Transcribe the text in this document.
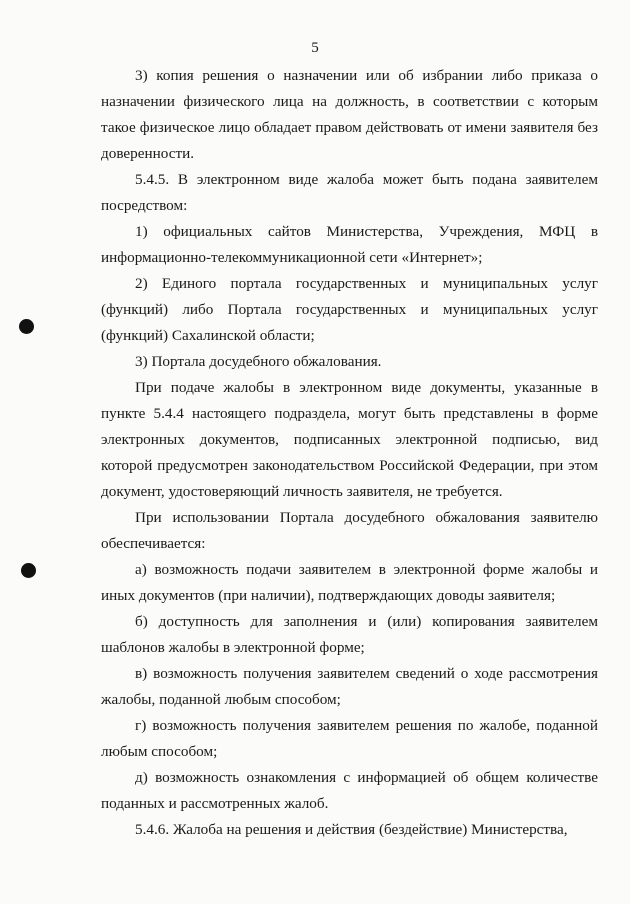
5

3) копия решения о назначении или об избрании либо приказа о назначении физического лица на должность, в соответствии с которым такое физическое лицо обладает правом действовать от имени заявителя без доверенности.

5.4.5. В электронном виде жалоба может быть подана заявителем посредством:

1) официальных сайтов Министерства, Учреждения, МФЦ в информационно-телекоммуникационной сети «Интернет»;

2) Единого портала государственных и муниципальных услуг (функций) либо Портала государственных и муниципальных услуг (функций) Сахалинской области;

3) Портала досудебного обжалования.

При подаче жалобы в электронном виде документы, указанные в пункте 5.4.4 настоящего подраздела, могут быть представлены в форме электронных документов, подписанных электронной подписью, вид которой предусмотрен законодательством Российской Федерации, при этом документ, удостоверяющий личность заявителя, не требуется.

При использовании Портала досудебного обжалования заявителю обеспечивается:

а) возможность подачи заявителем в электронной форме жалобы и иных документов (при наличии), подтверждающих доводы заявителя;

б) доступность для заполнения и (или) копирования заявителем шаблонов жалобы в электронной форме;

в) возможность получения заявителем сведений о ходе рассмотрения жалобы, поданной любым способом;

г) возможность получения заявителем решения по жалобе, поданной любым способом;

д) возможность ознакомления с информацией об общем количестве поданных и рассмотренных жалоб.

5.4.6. Жалоба на решения и действия (бездействие) Министерства,
